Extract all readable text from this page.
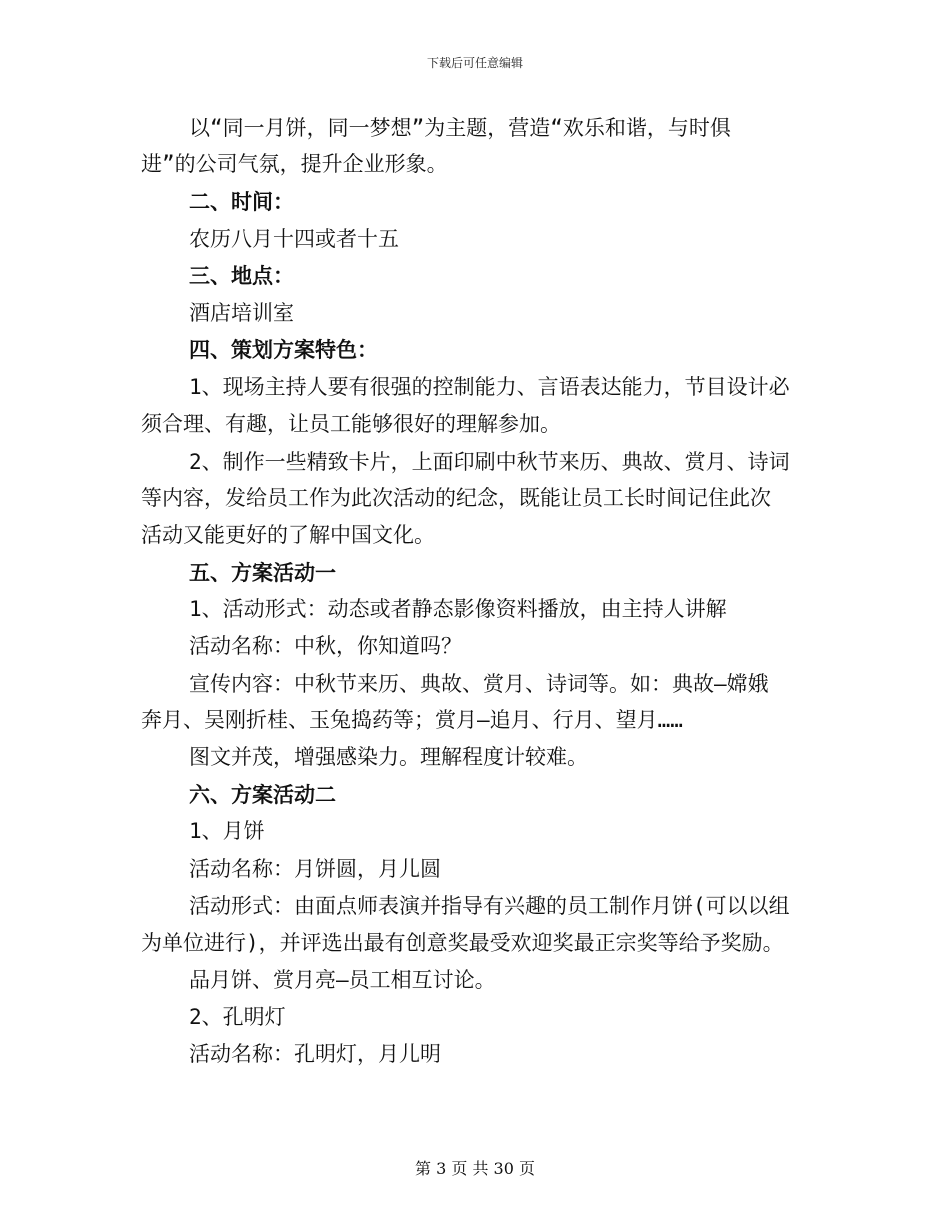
下载后可任意编辑
以“同一月饼，同一梦想”为主题，营造“欢乐和谐，与时俱
进”的公司气氛，提升企业形象。
二、时间：
农历八月十四或者十五
三、地点：
酒店培训室
四、策划方案特色：
1、现场主持人要有很强的控制能力、言语表达能力，节目设计必
须合理、有趣，让员工能够很好的理解参加。
2、制作一些精致卡片，上面印刷中秋节来历、典故、赏月、诗词
等内容，发给员工作为此次活动的纪念，既能让员工长时间记住此次
活动又能更好的了解中国文化。
五、方案活动一
1、活动形式：动态或者静态影像资料播放，由主持人讲解
活动名称：中秋，你知道吗？
宣传内容：中秋节来历、典故、赏月、诗词等。如：典故—嫦娥
奔月、吴刚折桂、玉兔捣药等；赏月—追月、行月、望月……
图文并茂，增强感染力。理解程度计较难。
六、方案活动二
1、月饼
活动名称：月饼圆，月儿圆
活动形式：由面点师表演并指导有兴趣的员工制作月饼(可以以组
为单位进行)，并评选出最有创意奖最受欢迎奖最正宗奖等给予奖励。
品月饼、赏月亮—员工相互讨论。
2、孔明灯
活动名称：孔明灯，月儿明
第 3 页 共 30 页
